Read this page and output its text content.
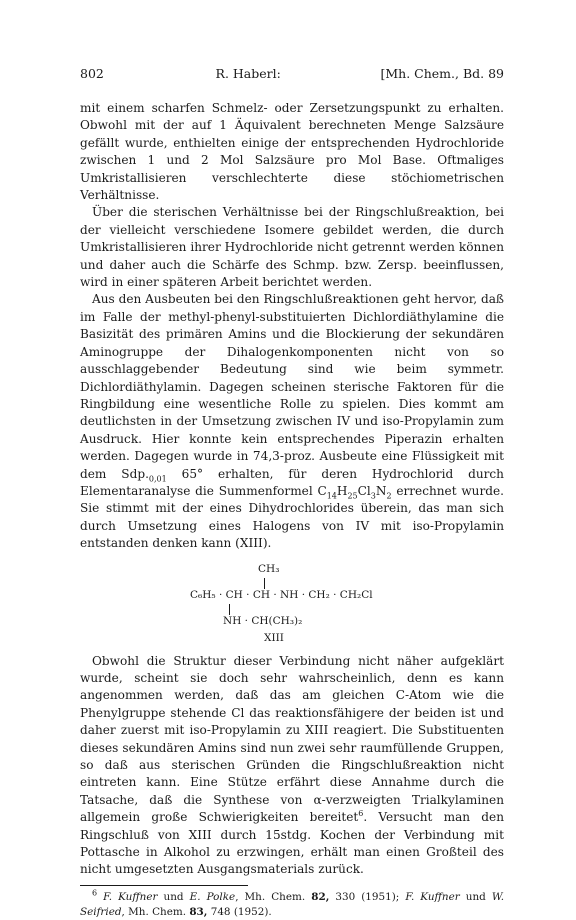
802	R. Haberl:	[Mh. Chem., Bd. 89

mit einem scharfen Schmelz- oder Zersetzungspunkt zu erhalten. Obwohl mit der auf 1 Äquivalent berechneten Menge Salzsäure gefällt wurde, enthielten einige der entsprechenden Hydrochloride zwischen 1 und 2 Mol Salzsäure pro Mol Base. Oftmaliges Umkristallisieren verschlechterte diese stöchiometrischen Verhältnisse.

Über die sterischen Verhältnisse bei der Ringschlußreaktion, bei der vielleicht verschiedene Isomere gebildet werden, die durch Umkristallisieren ihrer Hydrochloride nicht getrennt werden können und daher auch die Schärfe des Schmp. bzw. Zersp. beeinflussen, wird in einer späteren Arbeit berichtet werden.

Aus den Ausbeuten bei den Ringschlußreaktionen geht hervor, daß im Falle der methyl-phenyl-substituierten Dichlordiäthylamine die Basizität des primären Amins und die Blockierung der sekundären Aminogruppe der Dihalogenkomponenten nicht von so ausschlaggebender Bedeutung sind wie beim symmetr. Dichlordiäthylamin. Dagegen scheinen sterische Faktoren für die Ringbildung eine wesentliche Rolle zu spielen. Dies kommt am deutlichsten in der Umsetzung zwischen IV und iso-Propylamin zum Ausdruck. Hier konnte kein entsprechendes Piperazin erhalten werden. Dagegen wurde in 74,3-proz. Ausbeute eine Flüssigkeit mit dem $Sdp._{0,01}$ 65° erhalten, für deren Hydrochlorid durch Elementaranalyse die Summenformel $C_{14}H_{25}Cl_3N_2$ errechnet wurde. Sie stimmt mit der eines Dihydrochlorides überein, das man sich durch Umsetzung eines Halogens von IV mit iso-Propylamin entstanden denken kann (XIII).

CH₃
C₆H₅ · CH · CH · NH · CH₂ · CH₂Cl
NH · CH(CH₃)₂
XIII

Obwohl die Struktur dieser Verbindung nicht näher aufgeklärt wurde, scheint sie doch sehr wahrscheinlich, denn es kann angenommen werden, daß das am gleichen C-Atom wie die Phenylgruppe stehende Cl das reaktionsfähigere der beiden ist und daher zuerst mit iso-Propylamin zu XIII reagiert. Die Substituenten dieses sekundären Amins sind nun zwei sehr raumfüllende Gruppen, so daß aus sterischen Gründen die Ringschlußreaktion nicht eintreten kann. Eine Stütze erfährt diese Annahme durch die Tatsache, daß die Synthese von α-verzweigten Trialkylaminen allgemein große Schwierigkeiten bereitet$^6$. Versucht man den Ringschluß von XIII durch 15stdg. Kochen der Verbindung mit Pottasche in Alkohol zu erzwingen, erhält man einen Großteil des nicht umgesetzten Ausgangsmaterials zurück.

$^6$ F. Kuffner und E. Polke, Mh. Chem. 82, 330 (1951); F. Kuffner und W. Seifried, Mh. Chem. 83, 748 (1952).
